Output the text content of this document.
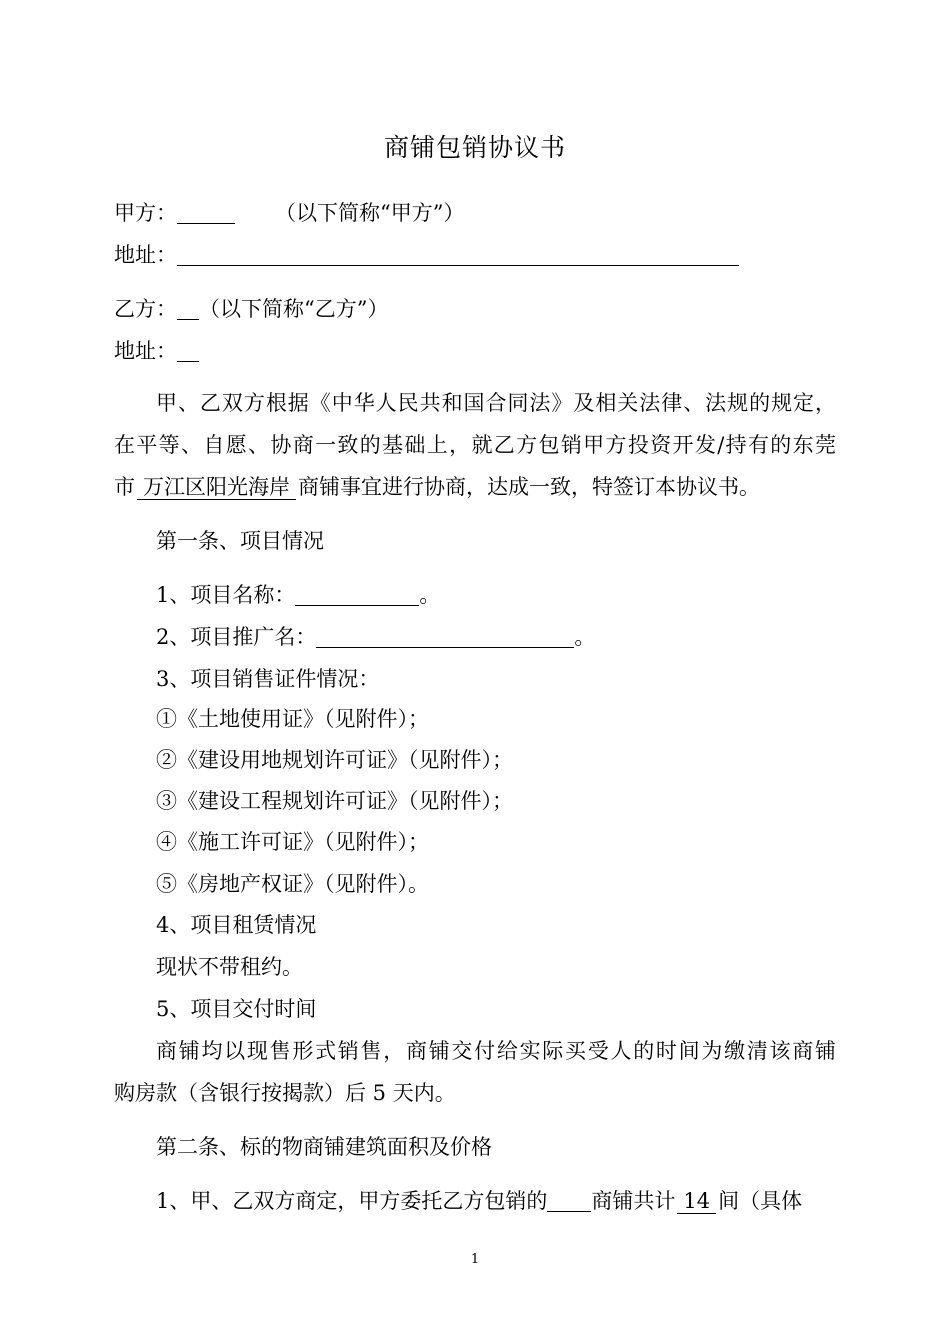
商铺包销协议书
甲方：	（以下简称“甲方”）
地址：
乙方： （以下简称“乙方”）
地址：
甲、乙双方根据《中华人民共和国合同法》及相关法律、法规的规定，
在平等、自愿、协商一致的基础上，就乙方包销甲方投资开发/持有的东莞
市 万江区阳光海岸 商铺事宜进行协商，达成一致，特签订本协议书。
第一条、项目情况
1、项目名称：	。
2、项目推广名：	。
3、项目销售证件情况：
①《土地使用证》（见附件）；
②《建设用地规划许可证》（见附件）；
③《建设工程规划许可证》（见附件）；
④《施工许可证》（见附件）；
⑤《房地产权证》（见附件）。
4、项目租赁情况
现状不带租约。
5、项目交付时间
商铺均以现售形式销售，商铺交付给实际买受人的时间为缴清该商铺
购房款（含银行按揭款）后 5 天内。
第二条、标的物商铺建筑面积及价格
1、甲、乙双方商定，甲方委托乙方包销的 商铺共计 14 间（具体
1
